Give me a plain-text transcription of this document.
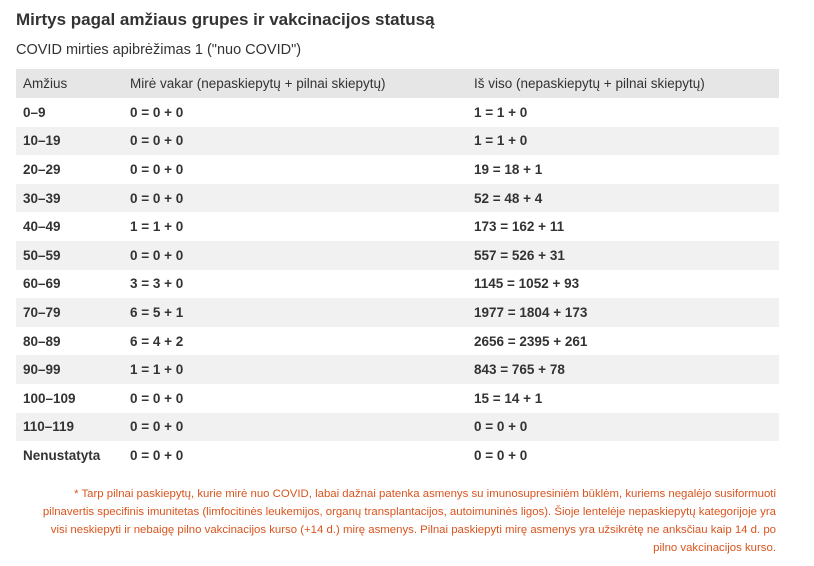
Mirtys pagal amžiaus grupes ir vakcinacijos statusą
COVID mirties apibrėžimas 1 ("nuo COVID")
Amžius	Mirė vakar (nepaskiepytų + pilnai skiepytų)	Iš viso (nepaskiepytų + pilnai skiepytų)
0–9	0 = 0 + 0	1 = 1 + 0
10–19	0 = 0 + 0	1 = 1 + 0
20–29	0 = 0 + 0	19 = 18 + 1
30–39	0 = 0 + 0	52 = 48 + 4
40–49	1 = 1 + 0	173 = 162 + 11
50–59	0 = 0 + 0	557 = 526 + 31
60–69	3 = 3 + 0	1145 = 1052 + 93
70–79	6 = 5 + 1	1977 = 1804 + 173
80–89	6 = 4 + 2	2656 = 2395 + 261
90–99	1 = 1 + 0	843 = 765 + 78
100–109	0 = 0 + 0	15 = 14 + 1
110–119	0 = 0 + 0	0 = 0 + 0
Nenustatyta	0 = 0 + 0	0 = 0 + 0
* Tarp pilnai paskiepytų, kurie mirė nuo COVID, labai dažnai patenka asmenys su imunosupresiniėm būklėm, kuriems negalėjo susiformuoti pilnavertis specifinis imunitetas (limfocitinės leukemijos, organų transplantacijos, autoimuninės ligos). Šioje lentelėje nepaskiepytų kategorijoje yra visi neskiepyti ir nebaigę pilno vakcinacijos kurso (+14 d.) mirę asmenys. Pilnai paskiepyti mirę asmenys yra užsikrėtę ne anksčiau kaip 14 d. po pilno vakcinacijos kurso.
